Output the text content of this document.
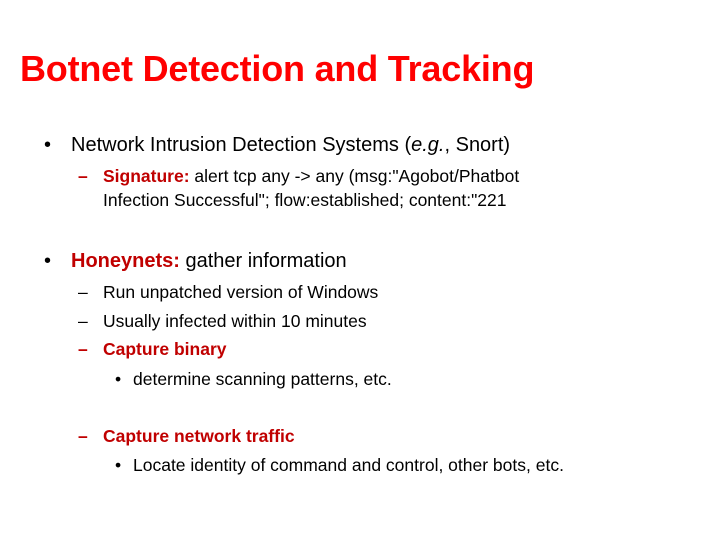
Botnet Detection and Tracking
• Network Intrusion Detection Systems (e.g., Snort)
– Signature: alert tcp any -> any (msg:"Agobot/Phatbot
Infection Successful"; flow:established; content:"221
• Honeynets: gather information
– Run unpatched version of Windows
– Usually infected within 10 minutes
– Capture binary
• determine scanning patterns, etc.
– Capture network traffic
• Locate identity of command and control, other bots, etc.
